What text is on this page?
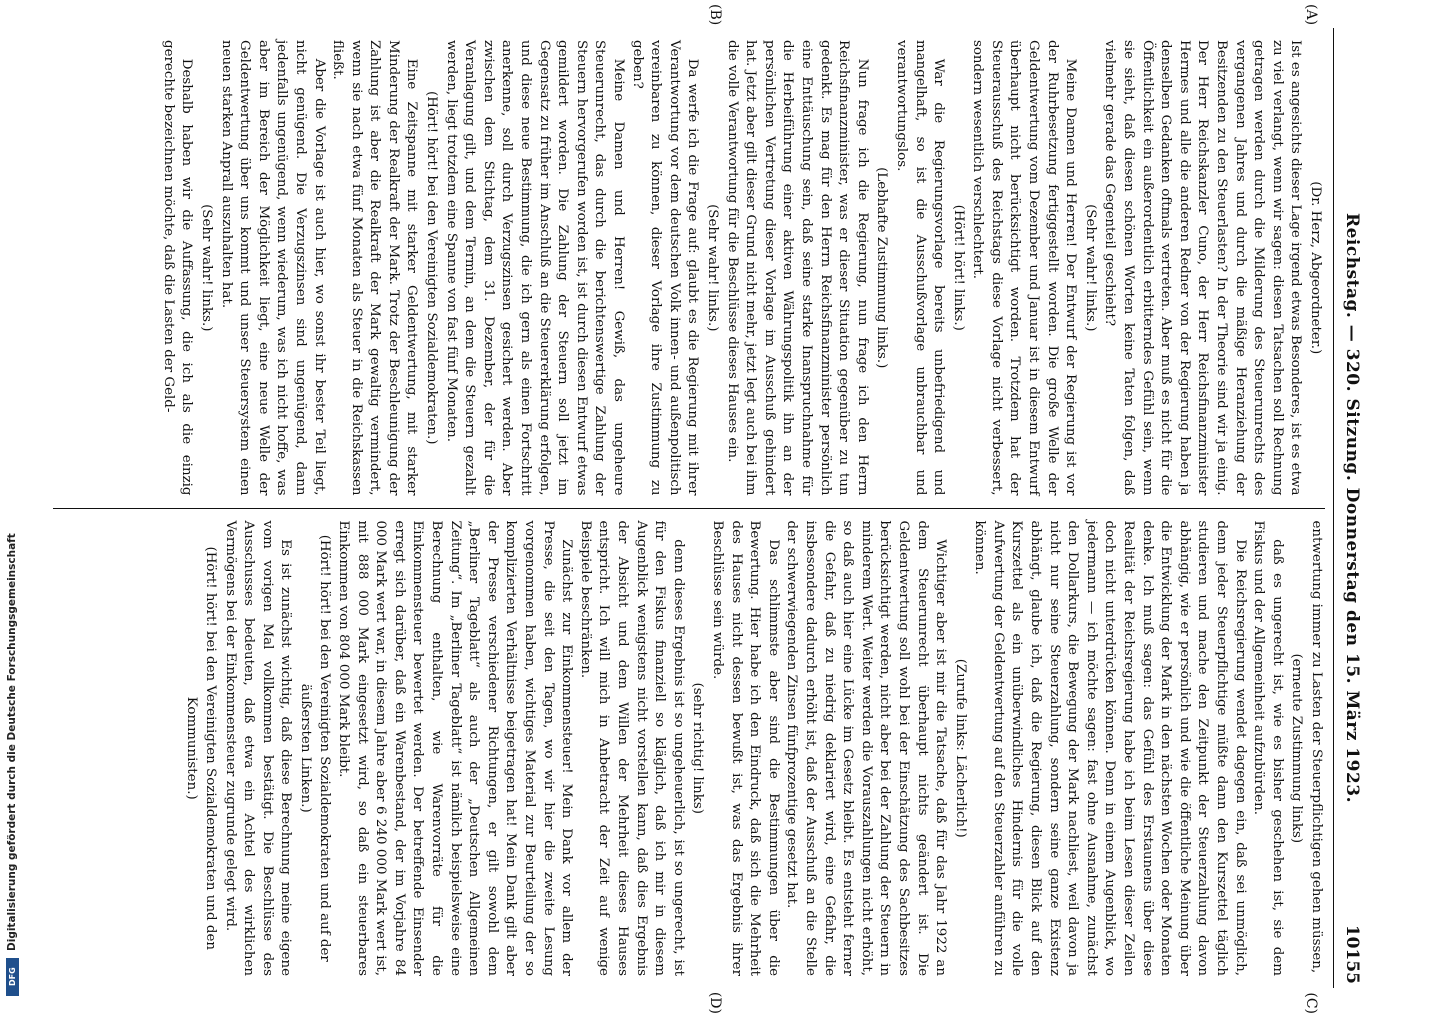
Reichstag. — 320. Sitzung. Donnerstag den 15. März 1923.
10155
(A)
(B)
(C)
(D)

(Dr. Herz, Abgeordneter.)

Ist es angesichts dieser Lage irgend etwas Besonderes, ist es etwa zu viel verlangt, wenn wir sagen: diesen Tatsachen soll Rechnung getragen werden durch die Milderung des Steuerunrechts des vergangenen Jahres und durch die mäßige Heranziehung der Besitzenden zu den Steuerlasten? In der Theorie sind wir ja einig. Der Herr Reichskanzler Cuno, der Herr Reichsfinanzminister Hermes und alle die anderen Redner von der Regierung haben ja denselben Gedanken oftmals vertreten. Aber muß es nicht für die Öffentlichkeit ein außerordentlich erbitterndes Gefühl sein, wenn sie sieht, daß diesen schönen Worten keine Taten folgen, daß vielmehr gerade das Gegenteil geschieht?

(Sehr wahr! links.)

Meine Damen und Herren! Der Entwurf der Regierung ist vor der Ruhrbesetzung fertiggestellt worden. Die große Welle der Geldentwertung vom Dezember und Januar ist in diesem Entwurf überhaupt nicht berücksichtigt worden. Trotzdem hat der Steuerausschuß des Reichstags diese Vorlage nicht verbessert, sondern wesentlich verschlechtert.

(Hört! hört! links.)

War die Regierungsvorlage bereits unbefriedigend und mangelhaft, so ist die Ausschußvorlage unbrauchbar und verantwortungslos.

(Lebhafte Zustimmung links.)

Nun frage ich die Regierung, nun frage ich den Herrn Reichsfinanzminister, was er dieser Situation gegenüber zu tun gedenkt. Es mag für den Herrn Reichsfinanzminister persönlich eine Enttäuschung sein, daß seine starke Inanspruchnahme für die Herbeiführung einer aktiven Währungspolitik ihn an der persönlichen Vertretung dieser Vorlage im Ausschuß gehindert hat. Jetzt aber gilt dieser Grund nicht mehr, jetzt legt auch bei ihm die volle Verantwortung für die Beschlüsse dieses Hauses ein.

(Sehr wahr! links.)

Da werfe ich die Frage auf: glaubt es die Regierung mit ihrer Verantwortung vor dem deutschen Volk innen- und außenpolitisch vereinbaren zu können, dieser Vorlage ihre Zustimmung zu geben?

Meine Damen und Herren! Gewiß, das ungeheure Steuerunrecht, das durch die berichtenswertige Zahlung der Steuern hervorgerufen worden ist, ist durch diesen Entwurf etwas gemildert worden. Die Zahlung der Steuern soll jetzt im Gegensatz zu früher im Anschluß an die Steuererklärung erfolgen, und diese neue Bestimmung, die ich gern als einen Fortschritt anerkenne, soll durch Verzugszinsen gesichert werden. Aber zwischen dem Stichtag, dem 31. Dezember, der für die Veranlagung gilt, und dem Termin, an dem die Steuern gezahlt werden, liegt trotzdem eine Spanne von fast fünf Monaten.

(Hört! hört! bei den Vereinigten Sozialdemokraten.)

Eine Zeitspanne mit starker Geldentwertung, mit starker Minderung der Realkraft der Mark. Trotz der Beschleunigung der Zahlung ist aber die Realkraft der Mark gewaltig vermindert, wenn sie nach etwa fünf Monaten als Steuer in die Reichskassen fließt.

Aber die Vorlage ist auch hier, wo sonst ihr bester Teil liegt, nicht genügend. Die Verzugszinsen sind ungenügend, dann jedenfalls ungenügend, wenn wiederum, was ich nicht hoffe, was aber im Bereich der Möglichkeit liegt, eine neue Welle der Geldentwertung über uns kommt und unser Steuersystem einen neuen starken Anprall auszuhalten hat.

(Sehr wahr! links.)

Deshalb haben wir die Auffassung, die ich als die einzig gerechte bezeichnen möchte, daß die Lasten der Geld-

entwertung immer zu Lasten der Steuerpflichtigen gehen müssen,

(erneute Zustimmung links)

daß es ungerecht ist, wie es bisher geschehen ist, sie dem Fiskus und der Allgemeinheit aufzubürden.

Die Reichsregierung wendet dagegen ein, daß sei unmöglich, denn jeder Steuerpflichtige müßte dann den Kurszettel täglich studieren und mache den Zeitpunkt der Steuerzahlung davon abhängig, wie er persönlich und wie die öffentliche Meinung über die Entwicklung der Mark in den nächsten Wochen oder Monaten denke. Ich muß sagen: das Gefühl des Erstaunens über diese Realität der Reichsregierung habe ich beim Lesen dieser Zeilen doch nicht unterdrücken können. Denn in einem Augenblick, wo jedermann — ich möchte sagen: fast ohne Ausnahme, zunächst den Dollarkurs, die Bewegung der Mark nachliest, weil davon ja nicht nur seine Steuerzahlung, sondern seine ganze Existenz abhängt, glaube ich, daß die Regierung, diesen Blick auf den Kurszettel als ein unüberwindliches Hindernis für die volle Aufwertung der Geldentwertung auf den Steuerzahler anführen zu können.

(Zurufe links: Lächerlich!)

Wichtiger aber ist mir die Tatsache, daß für das Jahr 1922 an dem Steuerunrecht überhaupt nichts geändert ist. Die Geldentwertung soll wohl bei der Einschätzung des Sachbesitzes berücksichtigt werden, nicht aber bei der Zahlung der Steuern in minderem Wert. Weiter werden die Vorauszahlungen nicht erhöht, so daß auch hier eine Lücke im Gesetz bleibt. Es entsteht ferner die Gefahr, daß zu niedrig deklariert wird, eine Gefahr, die insbesondere dadurch erhöht ist, daß der Ausschuß an die Stelle der schwerwiegenden Zinsen fünfprozentige gesetzt hat.

Das schlimmste aber sind die Bestimmungen über die Bewertung. Hier habe ich den Eindruck, daß sich die Mehrheit des Hauses nicht dessen bewußt ist, was das Ergebnis ihrer Beschlüsse sein würde.

(sehr richtig! links)

denn dieses Ergebnis ist so ungeheuerlich, ist so ungerecht, ist für den Fiskus finanziell so kläglich, daß ich mir in diesem Augenblick wenigstens nicht vorstellen kann, daß dies Ergebnis der Absicht und dem Willen der Mehrheit dieses Hauses entspricht. Ich will mich in Anbetracht der Zeit auf wenige Beispiele beschränken.

Zunächst zur Einkommensteuer! Mein Dank vor allem der Presse, die seit den Tagen, wo wir hier die zweite Lesung vorgenommen haben, wichtiges Material zur Beurteilung der so komplizierten Verhältnisse beigetragen hat! Mein Dank gilt aber der Presse verschiedener Richtungen, er gilt sowohl dem „Berliner Tageblatt“ als auch der „Deutschen Allgemeinen Zeitung“. Im „Berliner Tageblatt“ ist nämlich beispielsweise eine Berechnung enthalten, wie Warenvorräte für die Einkommensteuer bewertet werden. Der betreffende Einsender erregt sich darüber, daß ein Warenbestand, der im Vorjahre 84 000 Mark wert war, in diesem Jahre aber 6 240 000 Mark wert ist, mit 888 000 Mark eingesetzt wird, so daß ein steuerbares Einkommen von 804 000 Mark bleibt.

(Hört! hört! bei den Vereinigten Sozialdemokraten und auf der äußersten Linken.)

Es ist zunächst wichtig, daß diese Berechnung meine eigene vom vorigen Mal vollkommen bestätigt. Die Beschlüsse des Ausschusses bedeuten, daß etwa ein Achtel des wirklichen Vermögens bei der Einkommensteuer zugrunde gelegt wird.

(Hört! hört! bei den Vereinigten Sozialdemokraten und den Kommunisten.)

Digitalisierung gefördert durch die Deutsche Forschungsgemeinschaft
DFG
